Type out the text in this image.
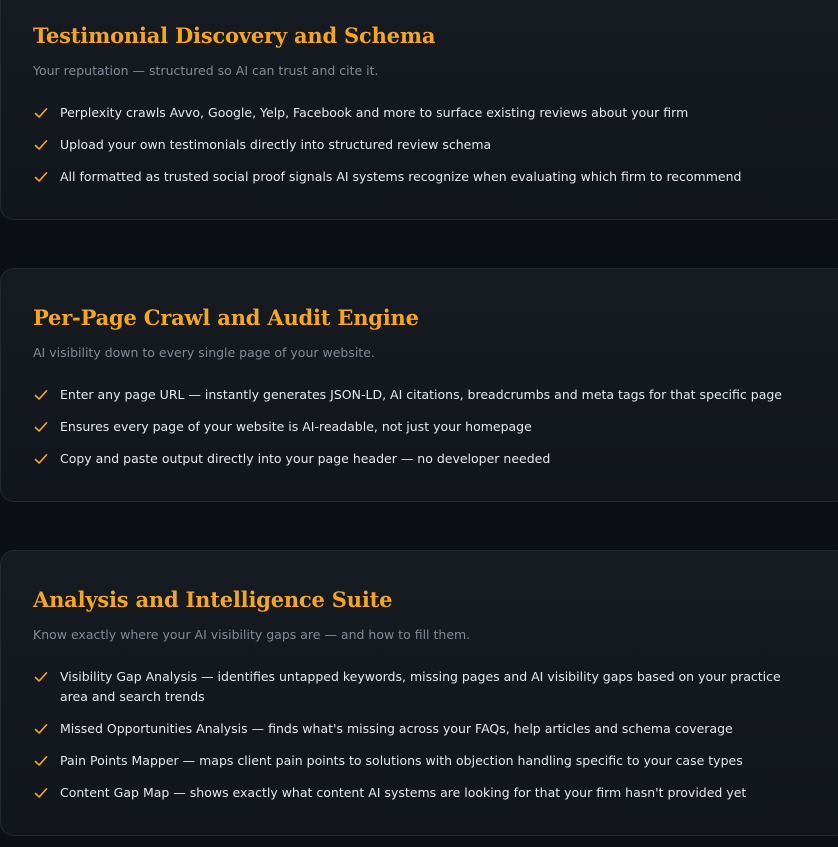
Testimonial Discovery and Schema

Your reputation — structured so AI can trust and cite it.

Perplexity crawls Avvo, Google, Yelp, Facebook and more to surface existing reviews about your firm
Upload your own testimonials directly into structured review schema
All formatted as trusted social proof signals AI systems recognize when evaluating which firm to recommend
Per-Page Crawl and Audit Engine

AI visibility down to every single page of your website.

Enter any page URL — instantly generates JSON-LD, AI citations, breadcrumbs and meta tags for that specific page
Ensures every page of your website is AI-readable, not just your homepage
Copy and paste output directly into your page header — no developer needed
Analysis and Intelligence Suite

Know exactly where your AI visibility gaps are — and how to fill them.

Visibility Gap Analysis — identifies untapped keywords, missing pages and AI visibility gaps based on your practice area and search trends
Missed Opportunities Analysis — finds what's missing across your FAQs, help articles and schema coverage
Pain Points Mapper — maps client pain points to solutions with objection handling specific to your case types
Content Gap Map — shows exactly what content AI systems are looking for that your firm hasn't provided yet
